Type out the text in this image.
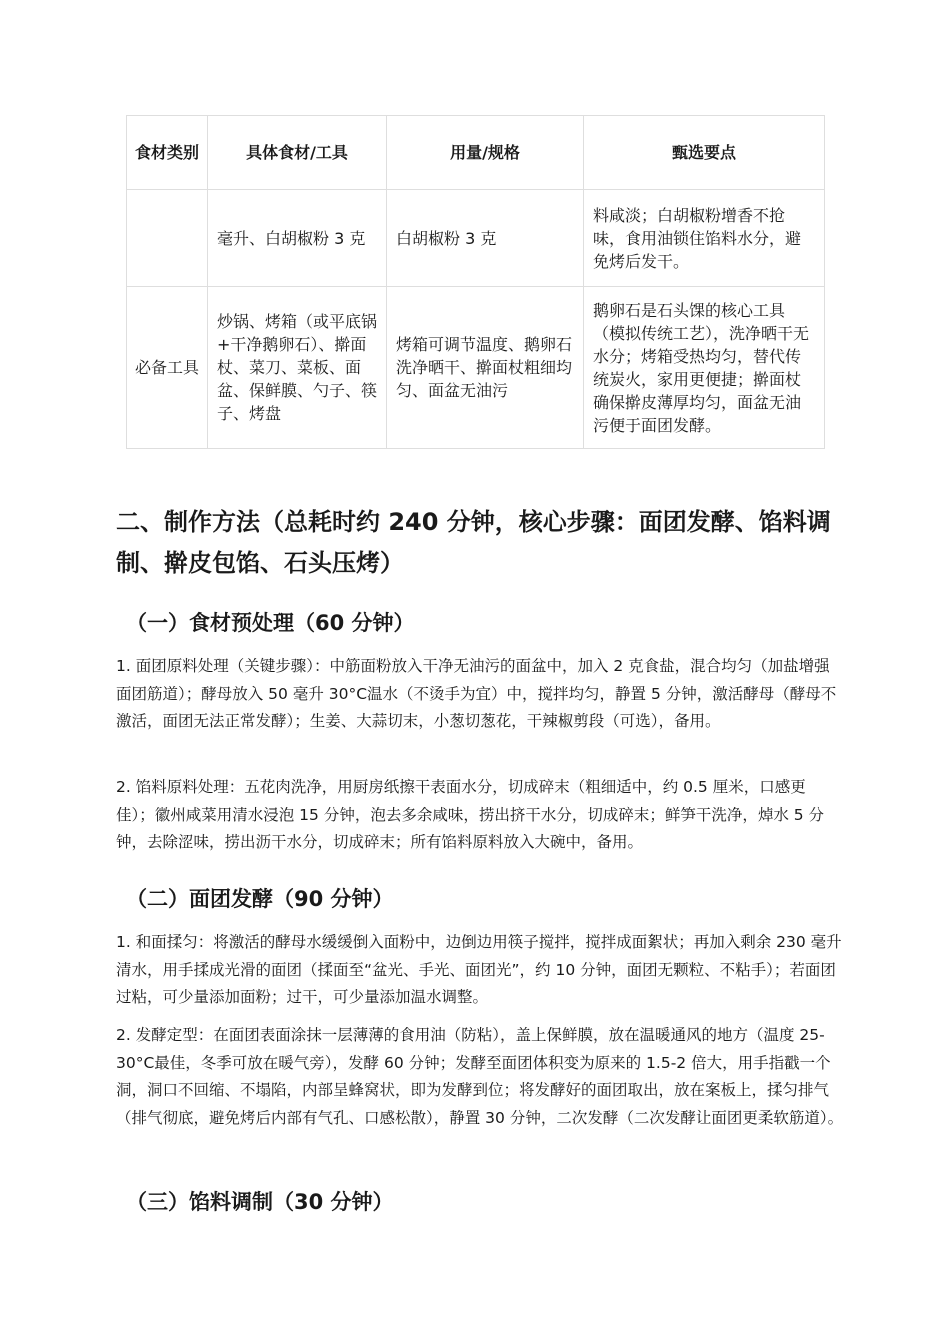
食材类别	具体食材/工具	用量/规格	甄选要点
	毫升、白胡椒粉 3 克	白胡椒粉 3 克	料咸淡；白胡椒粉增香不抢味，食用油锁住馅料水分，避免烤后发干。
必备工具	炒锅、烤箱（或平底锅+干净鹅卵石）、擀面杖、菜刀、菜板、面盆、保鲜膜、勺子、筷子、烤盘	烤箱可调节温度、鹅卵石洗净晒干、擀面杖粗细均匀、面盆无油污	鹅卵石是石头馃的核心工具（模拟传统工艺），洗净晒干无水分；烤箱受热均匀，替代传统炭火，家用更便捷；擀面杖确保擀皮薄厚均匀，面盆无油污便于面团发酵。
二、制作方法（总耗时约 240 分钟，核心步骤：面团发酵、馅料调制、擀皮包馅、石头压烤）
（一）食材预处理（60 分钟）

1. 面团原料处理（关键步骤）：中筋面粉放入干净无油污的面盆中，加入 2 克食盐，混合均匀（加盐增强面团筋道）；酵母放入 50 毫升 30°C温水（不烫手为宜）中，搅拌均匀，静置 5 分钟，激活酵母（酵母不激活，面团无法正常发酵）；生姜、大蒜切末，小葱切葱花，干辣椒剪段（可选），备用。

2. 馅料原料处理：五花肉洗净，用厨房纸擦干表面水分，切成碎末（粗细适中，约 0.5 厘米，口感更佳）；徽州咸菜用清水浸泡 15 分钟，泡去多余咸味，捞出挤干水分，切成碎末；鲜笋干洗净，焯水 5 分钟，去除涩味，捞出沥干水分，切成碎末；所有馅料原料放入大碗中，备用。

（二）面团发酵（90 分钟）

1. 和面揉匀：将激活的酵母水缓缓倒入面粉中，边倒边用筷子搅拌，搅拌成面絮状；再加入剩余 230 毫升清水，用手揉成光滑的面团（揉面至“盆光、手光、面团光”，约 10 分钟，面团无颗粒、不粘手）；若面团过粘，可少量添加面粉；过干，可少量添加温水调整。

2. 发酵定型：在面团表面涂抹一层薄薄的食用油（防粘），盖上保鲜膜，放在温暖通风的地方（温度 25-30°C最佳，冬季可放在暖气旁），发酵 60 分钟；发酵至面团体积变为原来的 1.5-2 倍大，用手指戳一个洞，洞口不回缩、不塌陷，内部呈蜂窝状，即为发酵到位；将发酵好的面团取出，放在案板上，揉匀排气（排气彻底，避免烤后内部有气孔、口感松散），静置 30 分钟，二次发酵（二次发酵让面团更柔软筋道）。

（三）馅料调制（30 分钟）
